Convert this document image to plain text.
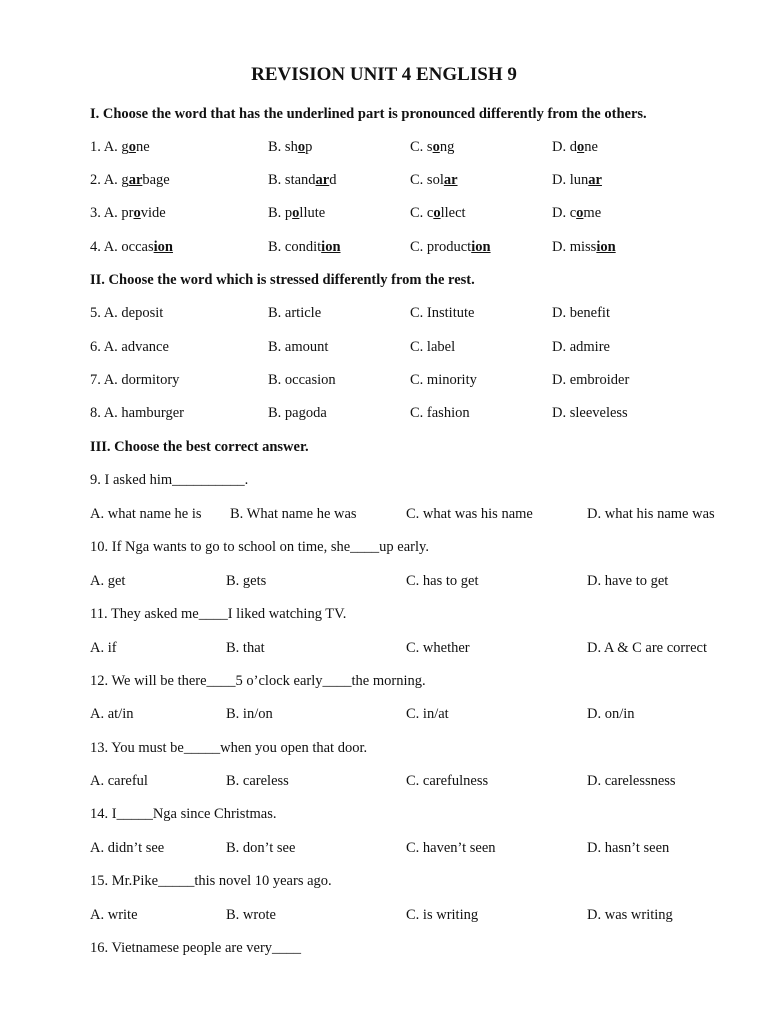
REVISION UNIT 4 ENGLISH 9
I. Choose the word that has the underlined part is pronounced differently from the others.
1. A. gone	B. shop	C. song	D. done
2. A. garbage	B. standard	C. solar	D. lunar
3. A. provide	B. pollute	C. collect	D. come
4. A. occasion	B. condition	C. production	D. mission
II. Choose the word which is stressed differently from the rest.
5. A. deposit	B. article	C. Institute	D. benefit
6. A. advance	B. amount	C. label	D. admire
7. A. dormitory	B. occasion	C. minority	D. embroider
8. A. hamburger	B. pagoda	C. fashion	D. sleeveless
III. Choose the best correct answer.
9. I asked him__________.
A. what name he is B. What name he was	C. what was his name	D. what his name was
10. If Nga wants to go to school on time, she____up early.
A. get	B. gets	C. has to get	D. have to get
11. They asked me____I liked watching TV.
A. if	B. that	C. whether	D. A & C are correct
12. We will be there____5 o’clock early____the morning.
A. at/in	B. in/on	C. in/at	D. on/in
13. You must be_____when you open that door.
A. careful	B. careless	C. carefulness	D. carelessness
14. I_____Nga since Christmas.
A. didn’t see	B. don’t see	C. haven’t seen	D. hasn’t seen
15. Mr.Pike_____this novel 10 years ago.
A. write	B. wrote	C. is writing	D. was writing
16. Vietnamese people are very____
